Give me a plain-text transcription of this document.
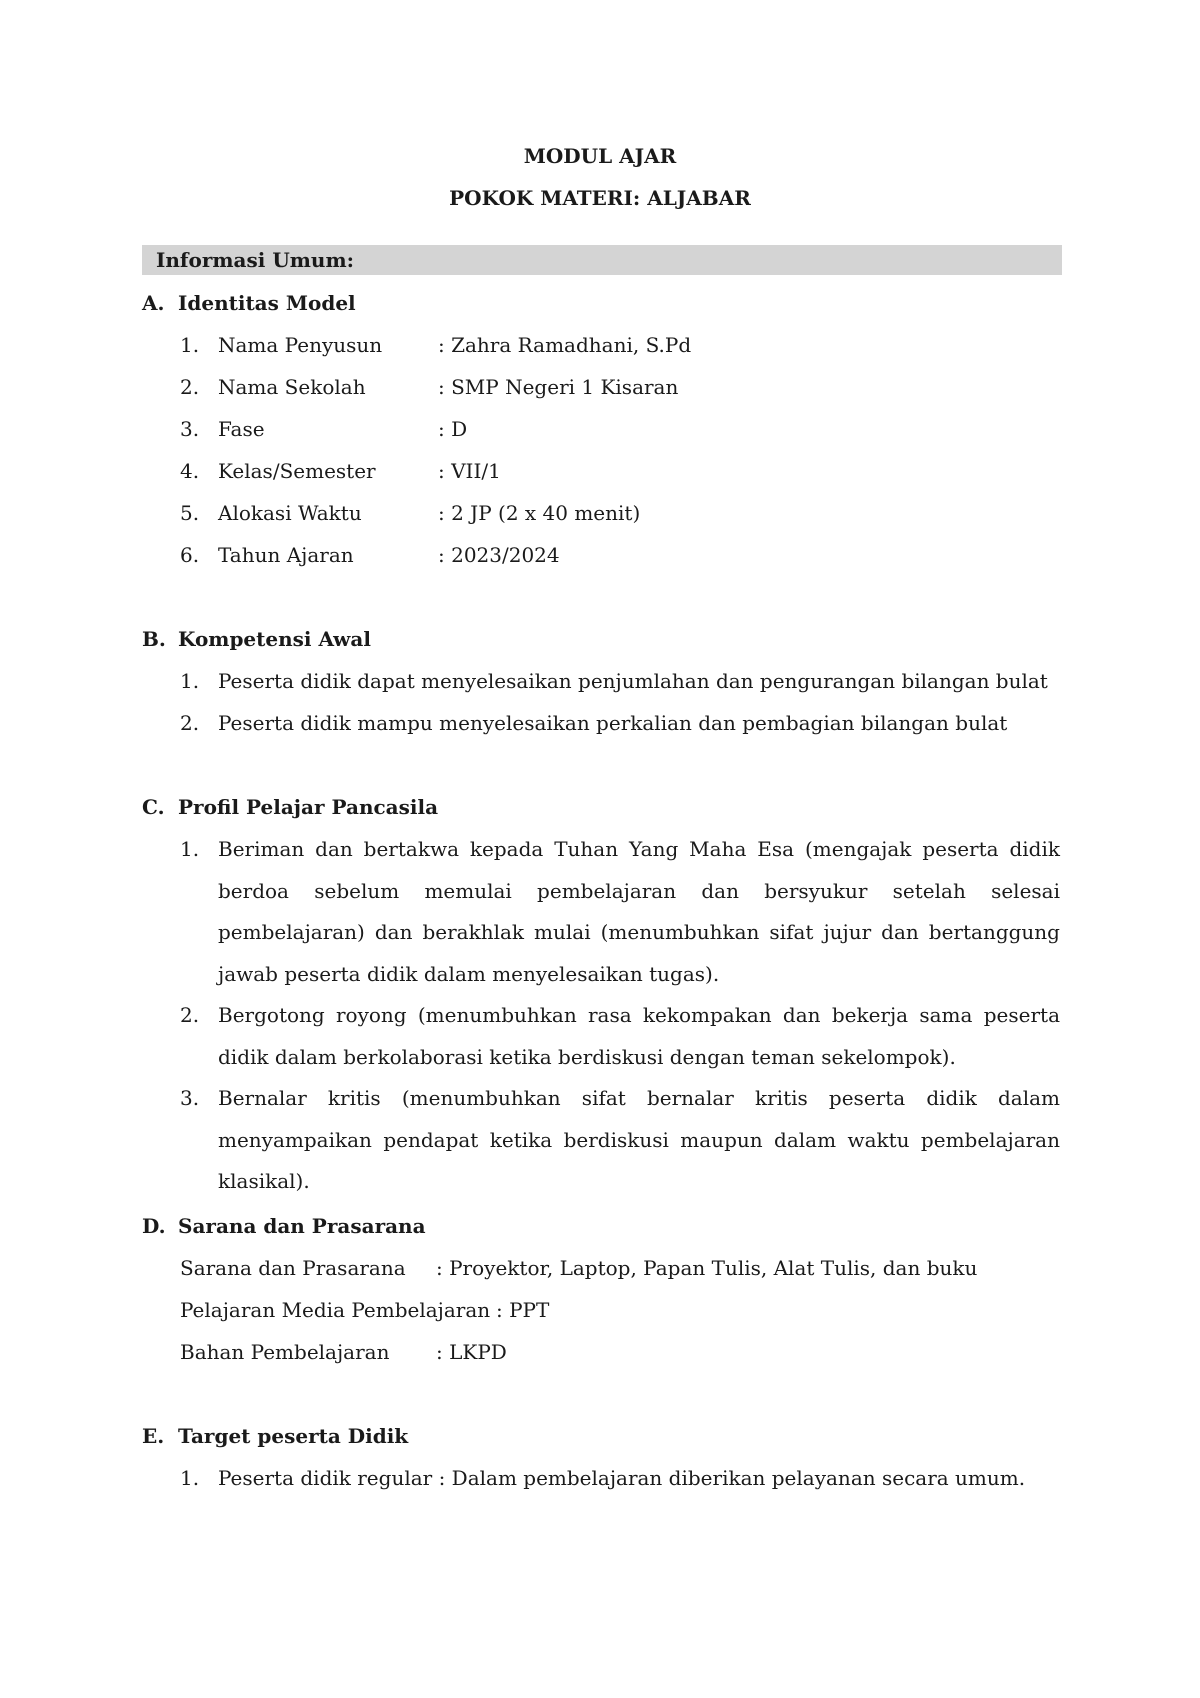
MODUL AJAR
POKOK MATERI: ALJABAR
Informasi Umum:
A. Identitas Model
1. Nama Penyusun	: Zahra Ramadhani, S.Pd
2. Nama Sekolah	: SMP Negeri 1 Kisaran
3. Fase	: D
4. Kelas/Semester	: VII/1
5. Alokasi Waktu	: 2 JP (2 x 40 menit)
6. Tahun Ajaran	: 2023/2024
B. Kompetensi Awal
1. Peserta didik dapat menyelesaikan penjumlahan dan pengurangan bilangan bulat
2. Peserta didik mampu menyelesaikan perkalian dan pembagian bilangan bulat
C. Profil Pelajar Pancasila
1. Beriman dan bertakwa kepada Tuhan Yang Maha Esa (mengajak peserta didik berdoa sebelum memulai pembelajaran dan bersyukur setelah selesai pembelajaran) dan berakhlak mulai (menumbuhkan sifat jujur dan bertanggung jawab peserta didik dalam menyelesaikan tugas).
2. Bergotong royong (menumbuhkan rasa kekompakan dan bekerja sama peserta didik dalam berkolaborasi ketika berdiskusi dengan teman sekelompok).
3. Bernalar kritis (menumbuhkan sifat bernalar kritis peserta didik dalam menyampaikan pendapat ketika berdiskusi maupun dalam waktu pembelajaran klasikal).
D. Sarana dan Prasarana
Sarana dan Prasarana : Proyektor, Laptop, Papan Tulis, Alat Tulis, dan buku
Pelajaran Media Pembelajaran : PPT
Bahan Pembelajaran : LKPD
E. Target peserta Didik
1. Peserta didik regular : Dalam pembelajaran diberikan pelayanan secara umum.
